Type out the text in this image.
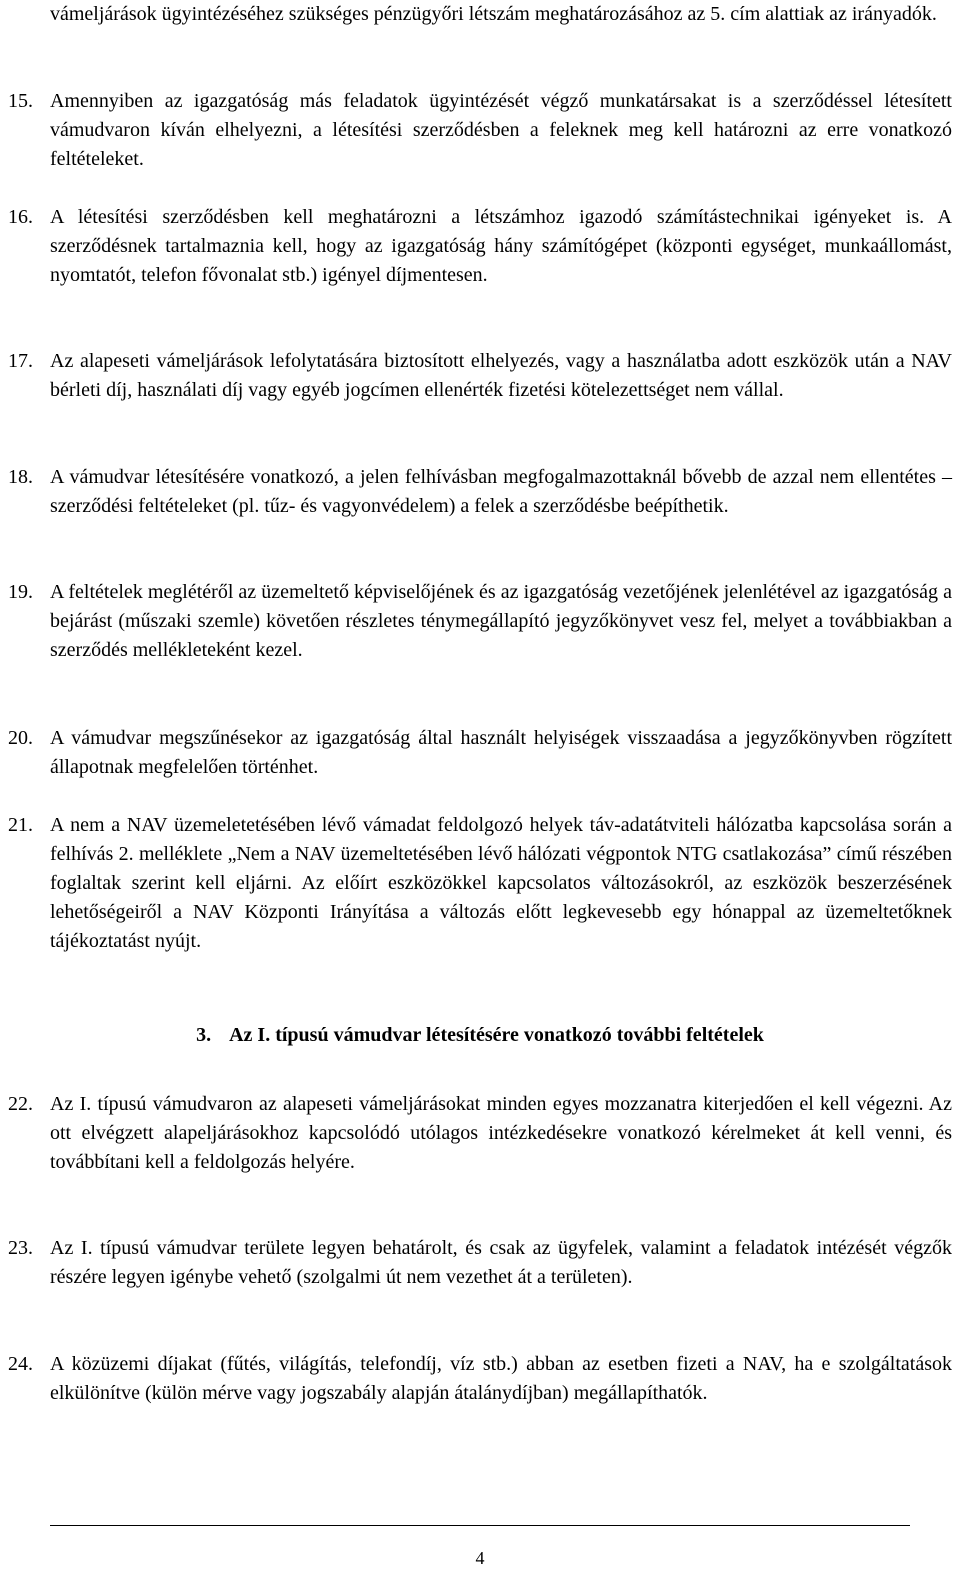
vámeljárások ügyintézéséhez szükséges pénzügyőri létszám meghatározásához az 5. cím alattiak az irányadók.
15. Amennyiben az igazgatóság más feladatok ügyintézését végző munkatársakat is a szerződéssel létesített vámudvaron kíván elhelyezni, a létesítési szerződésben a feleknek meg kell határozni az erre vonatkozó feltételeket.
16. A létesítési szerződésben kell meghatározni a létszámhoz igazodó számítástechnikai igényeket is. A szerződésnek tartalmaznia kell, hogy az igazgatóság hány számítógépet (központi egységet, munkaállomást, nyomtatót, telefon fővonalat stb.) igényel díjmentesen.
17. Az alapeseti vámeljárások lefolytatására biztosított elhelyezés, vagy a használatba adott eszközök után a NAV bérleti díj, használati díj vagy egyéb jogcímen ellenérték fizetési kötelezettséget nem vállal.
18. A vámudvar létesítésére vonatkozó, a jelen felhívásban megfogalmazottaknál bővebb de azzal nem ellentétes – szerződési feltételeket (pl. tűz- és vagyonvédelem) a felek a szerződésbe beépíthetik.
19. A feltételek meglétéről az üzemeltető képviselőjének és az igazgatóság vezetőjének jelenlétével az igazgatóság a bejárást (műszaki szemle) követően részletes ténymegállapító jegyzőkönyvet vesz fel, melyet a továbbiakban a szerződés mellékleteként kezel.
20. A vámudvar megszűnésekor az igazgatóság által használt helyiségek visszaadása a jegyzőkönyvben rögzített állapotnak megfelelően történhet.
21. A nem a NAV üzemeletetésében lévő vámadat feldolgozó helyek táv-adatátviteli hálózatba kapcsolása során a felhívás 2. melléklete „Nem a NAV üzemeltetésében lévő hálózati végpontok NTG csatlakozása” című részében foglaltak szerint kell eljárni. Az előírt eszközökkel kapcsolatos változásokról, az eszközök beszerzésének lehetőségeiről a NAV Központi Irányítása a változás előtt legkevesebb egy hónappal az üzemeltetőknek tájékoztatást nyújt.
3. Az I. típusú vámudvar létesítésére vonatkozó további feltételek
22. Az I. típusú vámudvaron az alapeseti vámeljárásokat minden egyes mozzanatra kiterjedően el kell végezni. Az ott elvégzett alapeljárásokhoz kapcsolódó utólagos intézkedésekre vonatkozó kérelmeket át kell venni, és továbbítani kell a feldolgozás helyére.
23. Az I. típusú vámudvar területe legyen behatárolt, és csak az ügyfelek, valamint a feladatok intézését végzők részére legyen igénybe vehető (szolgalmi út nem vezethet át a területen).
24. A közüzemi díjakat (fűtés, világítás, telefondíj, víz stb.) abban az esetben fizeti a NAV, ha e szolgáltatások elkülönítve (külön mérve vagy jogszabály alapján átalánydíjban) megállapíthatók.
4
